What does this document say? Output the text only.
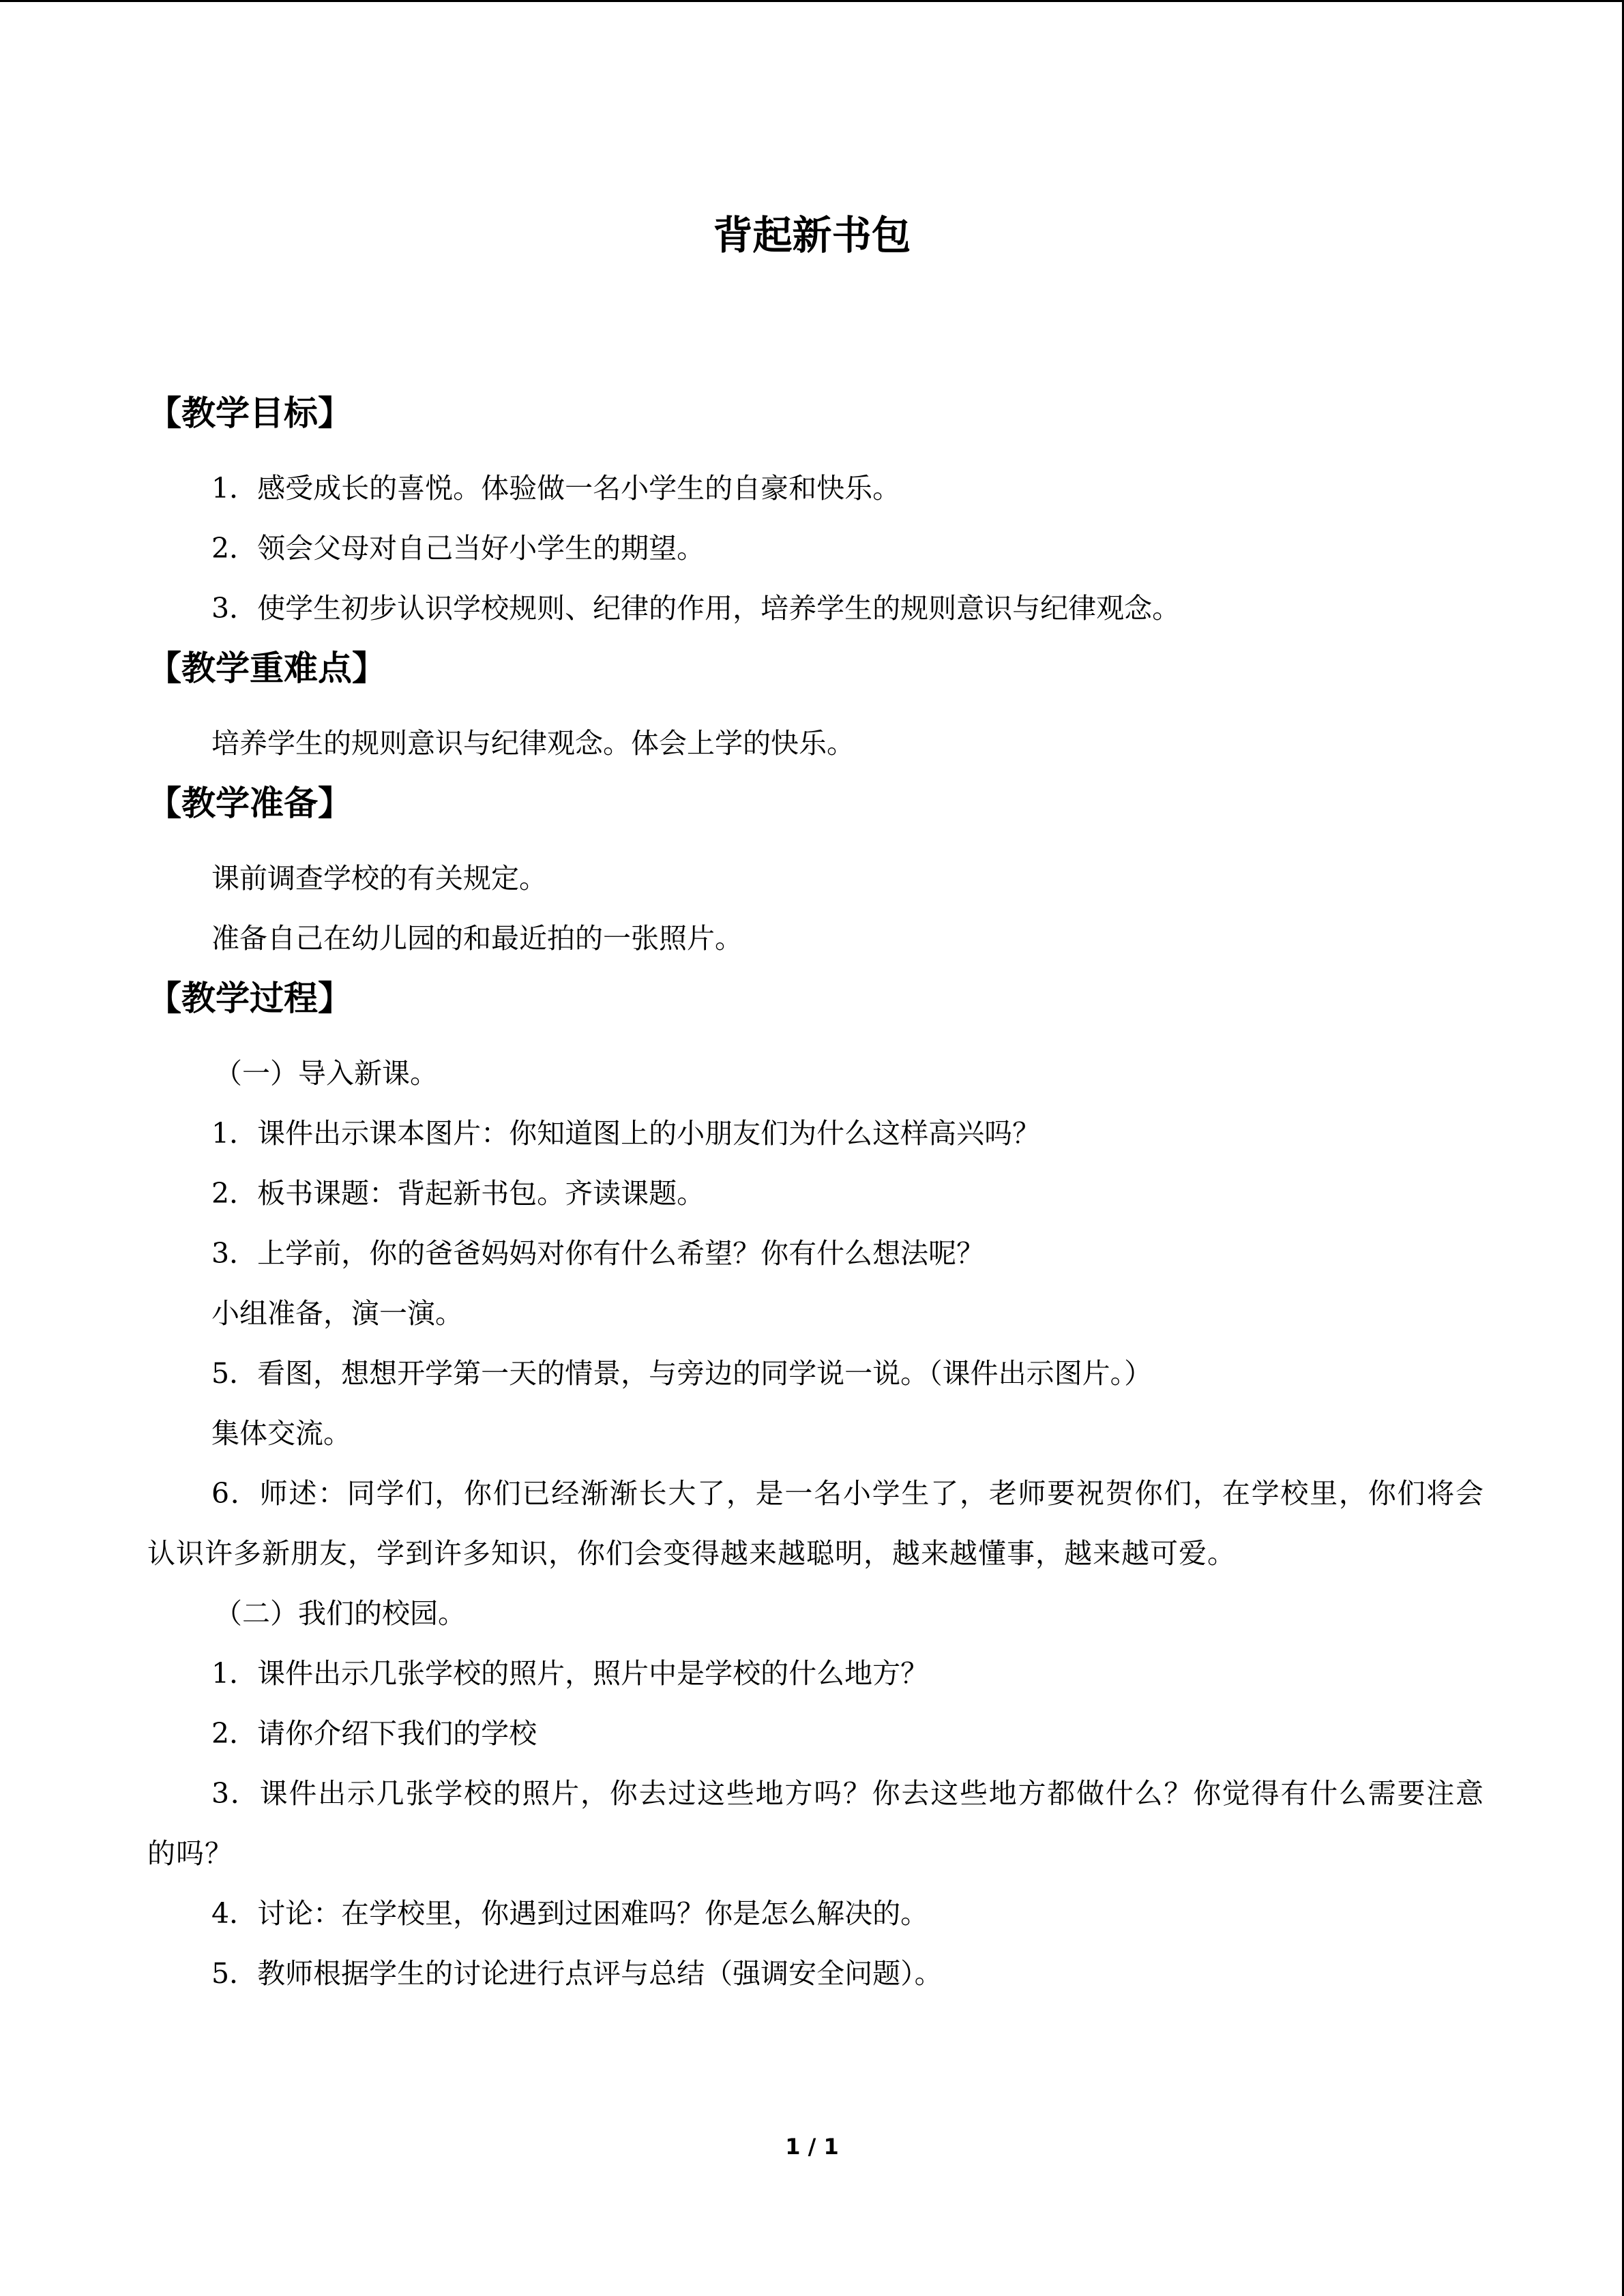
背起新书包
【教学目标】
1．感受成长的喜悦。体验做一名小学生的自豪和快乐。
2．领会父母对自己当好小学生的期望。
3．使学生初步认识学校规则、纪律的作用，培养学生的规则意识与纪律观念。
【教学重难点】
培养学生的规则意识与纪律观念。体会上学的快乐。
【教学准备】
课前调查学校的有关规定。
准备自己在幼儿园的和最近拍的一张照片。
【教学过程】
（一）导入新课。
1．课件出示课本图片：你知道图上的小朋友们为什么这样高兴吗？
2．板书课题：背起新书包。齐读课题。
3．上学前，你的爸爸妈妈对你有什么希望？你有什么想法呢？
小组准备，演一演。
5．看图，想想开学第一天的情景，与旁边的同学说一说。（课件出示图片。）
集体交流。
6．师述：同学们，你们已经渐渐长大了，是一名小学生了，老师要祝贺你们，在学校里，你们将会认识许多新朋友，学到许多知识，你们会变得越来越聪明，越来越懂事，越来越可爱。
（二）我们的校园。
1．课件出示几张学校的照片，照片中是学校的什么地方？
2．请你介绍下我们的学校
3．课件出示几张学校的照片，你去过这些地方吗？你去这些地方都做什么？你觉得有什么需要注意的吗？
4．讨论：在学校里，你遇到过困难吗？你是怎么解决的。
5．教师根据学生的讨论进行点评与总结（强调安全问题）。
1 / 1
